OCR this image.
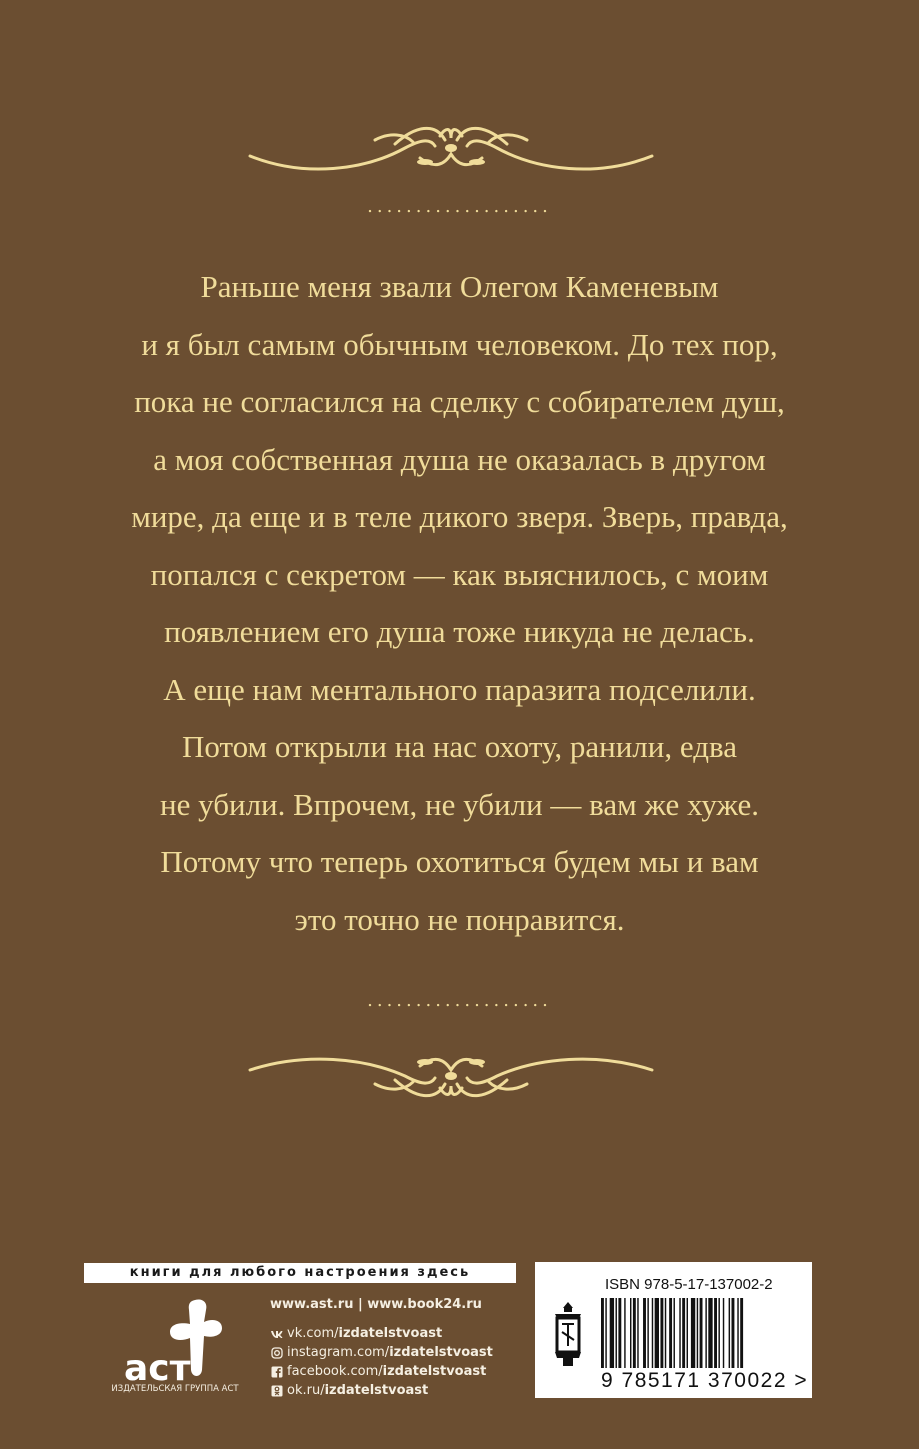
...................
Раньше меня звали Олегом Каменевым
и я был самым обычным человеком. До тех пор,
пока не согласился на сделку с собирателем душ,
а моя собственная душа не оказалась в другом
мире, да еще и в теле дикого зверя. Зверь, правда,
попался с секретом — как выяснилось, с моим
появлением его душа тоже никуда не делась.
А еще нам ментального паразита подселили.
Потом открыли на нас охоту, ранили, едва
не убили. Впрочем, не убили — вам же хуже.
Потому что теперь охотиться будем мы и вам
это точно не понравится.
...................
книги для любого настроения здесь
аст
ИЗДАТЕЛЬСКАЯ ГРУППА АСТ
www.ast.ru | www.book24.ru
vk.com/ izdatelstvoast
instagram.com/ izdatelstvoast
facebook.com/ izdatelstvoast
ok.ru/ izdatelstvoast
ISBN 978-5-17-137002-2
9 785171 370022 >
